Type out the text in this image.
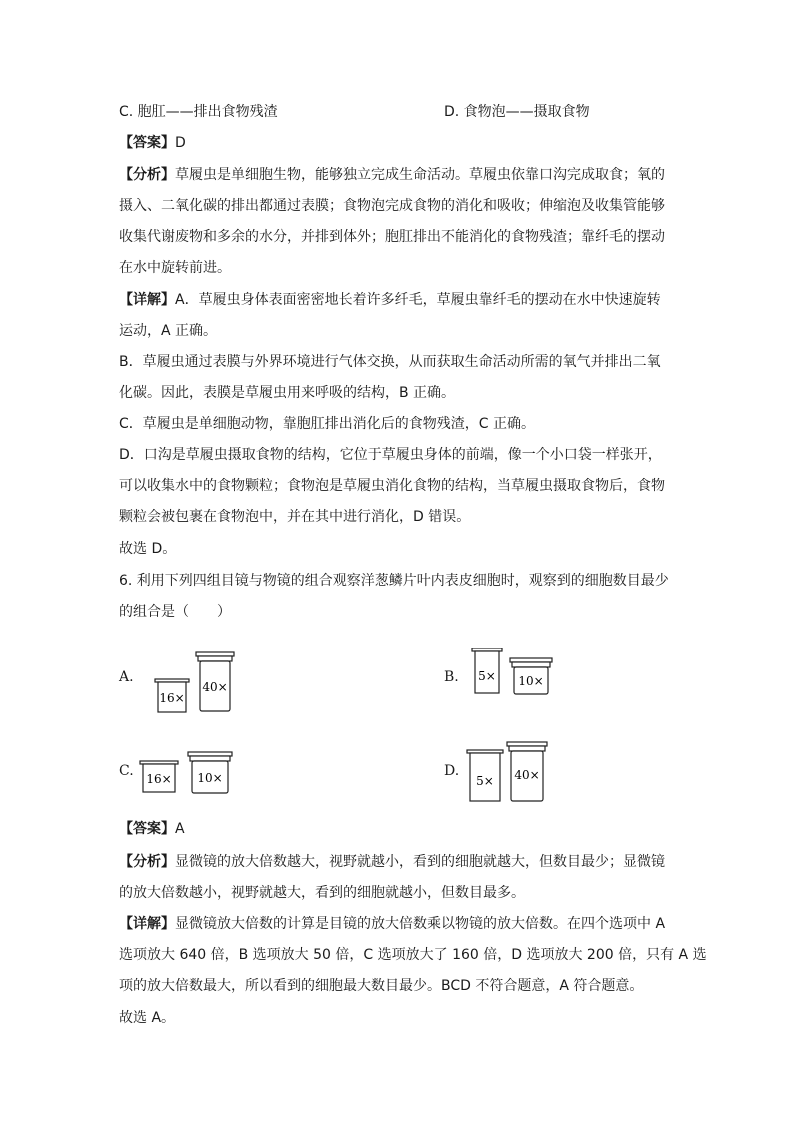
C. 胞肛——排出食物残渣	D. 食物泡——摄取食物
【答案】D
【分析】草履虫是单细胞生物，能够独立完成生命活动。草履虫依靠口沟完成取食；氧的
摄入、二氧化碳的排出都通过表膜；食物泡完成食物的消化和吸收；伸缩泡及收集管能够
收集代谢废物和多余的水分，并排到体外；胞肛排出不能消化的食物残渣；靠纤毛的摆动
在水中旋转前进。
【详解】A．草履虫身体表面密密地长着许多纤毛，草履虫靠纤毛的摆动在水中快速旋转
运动，A 正确。
B．草履虫通过表膜与外界环境进行气体交换，从而获取生命活动所需的氧气并排出二氧
化碳。因此，表膜是草履虫用来呼吸的结构，B 正确。
C．草履虫是单细胞动物，靠胞肛排出消化后的食物残渣，C 正确。
D．口沟是草履虫摄取食物的结构，它位于草履虫身体的前端，像一个小口袋一样张开，
可以收集水中的食物颗粒；食物泡是草履虫消化食物的结构，当草履虫摄取食物后，食物
颗粒会被包裹在食物泡中，并在其中进行消化，D 错误。
故选 D。
6. 利用下列四组目镜与物镜的组合观察洋葱鳞片叶内表皮细胞时，观察到的细胞数目最少
的组合是（　　）
A.
16×
40×
B. 5× 10×
C. 16× 10×	D.
5× 40×
【答案】A
【分析】显微镜的放大倍数越大，视野就越小，看到的细胞就越大，但数目最少；显微镜
的放大倍数越小，视野就越大，看到的细胞就越小，但数目最多。
【详解】显微镜放大倍数的计算是目镜的放大倍数乘以物镜的放大倍数。在四个选项中 A
选项放大 640 倍，B 选项放大 50 倍，C 选项放大了 160 倍，D 选项放大 200 倍，只有 A 选
项的放大倍数最大，所以看到的细胞最大数目最少。BCD 不符合题意，A 符合题意。
故选 A。
